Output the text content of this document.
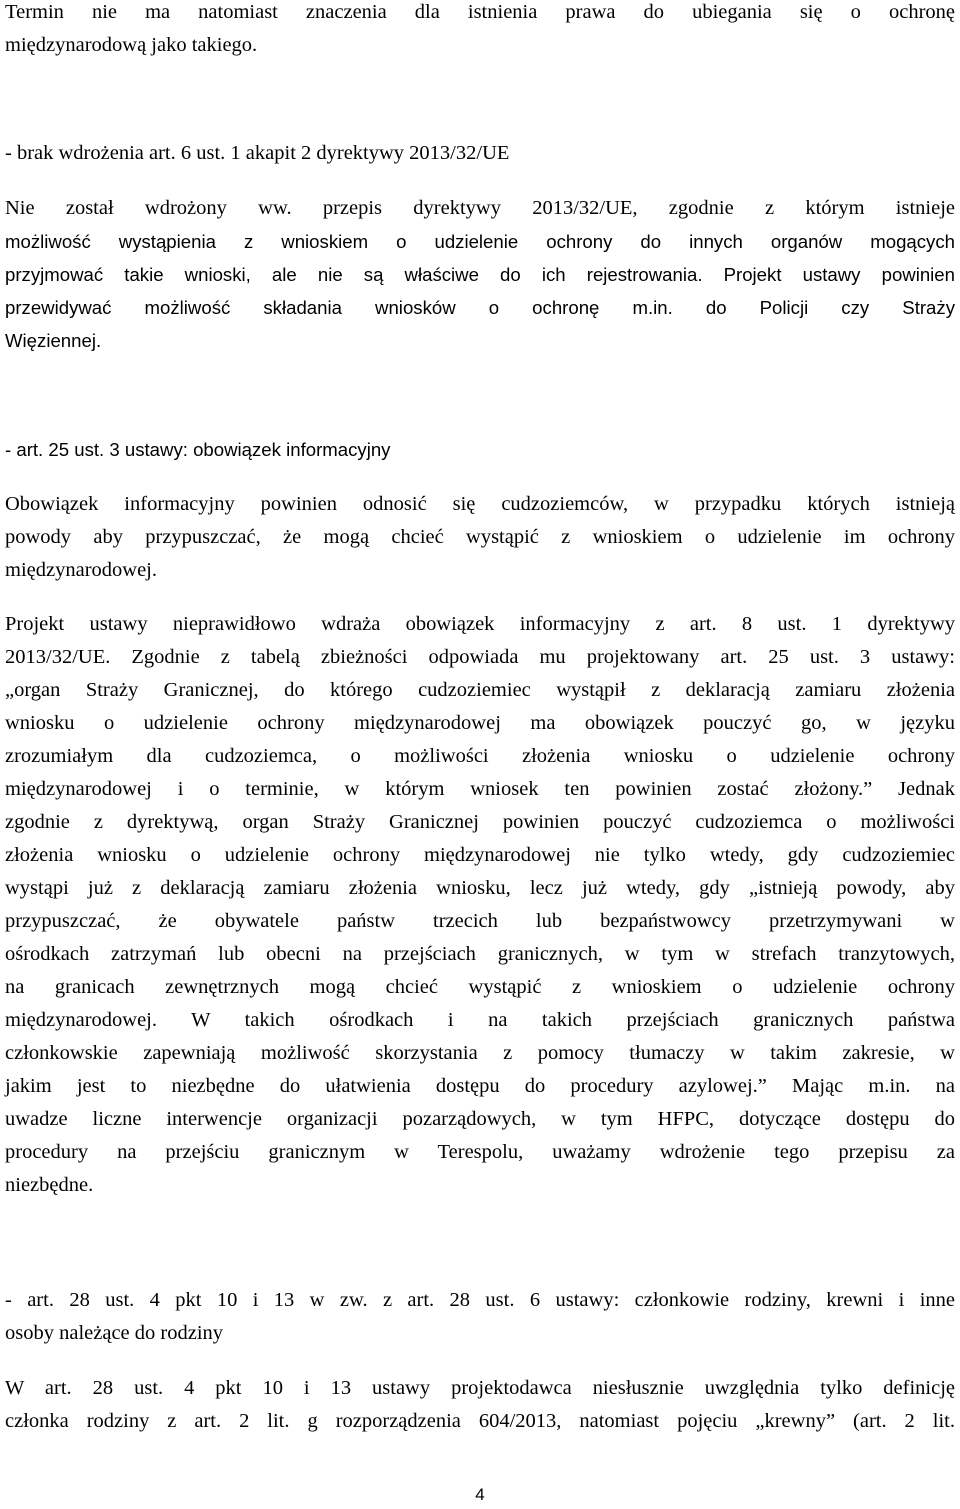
Termin nie ma natomiast znaczenia dla istnienia prawa do ubiegania się o ochronę
międzynarodową jako takiego.
- brak wdrożenia art. 6 ust. 1 akapit 2 dyrektywy 2013/32/UE
Nie został wdrożony ww. przepis dyrektywy 2013/32/UE, zgodnie z którym istnieje
możliwość wystąpienia z wnioskiem o udzielenie ochrony do innych organów mogących
przyjmować takie wnioski, ale nie są właściwe do ich rejestrowania. Projekt ustawy powinien
przewidywać możliwość składania wniosków o ochronę m.in. do Policji czy Straży
Więziennej.
- art. 25 ust. 3 ustawy: obowiązek informacyjny
Obowiązek informacyjny powinien odnosić się cudzoziemców, w przypadku których istnieją
powody aby przypuszczać, że mogą chcieć wystąpić z wnioskiem o udzielenie im ochrony
międzynarodowej.
Projekt ustawy nieprawidłowo wdraża obowiązek informacyjny z art. 8 ust. 1 dyrektywy
2013/32/UE. Zgodnie z tabelą zbieżności odpowiada mu projektowany art. 25 ust. 3 ustawy:
„organ Straży Granicznej, do którego cudzoziemiec wystąpił z deklaracją zamiaru złożenia
wniosku o udzielenie ochrony międzynarodowej ma obowiązek pouczyć go, w języku
zrozumiałym dla cudzoziemca, o możliwości złożenia wniosku o udzielenie ochrony
międzynarodowej i o terminie, w którym wniosek ten powinien zostać złożony.” Jednak
zgodnie z dyrektywą, organ Straży Granicznej powinien pouczyć cudzoziemca o możliwości
złożenia wniosku o udzielenie ochrony międzynarodowej nie tylko wtedy, gdy cudzoziemiec
wystąpi już z deklaracją zamiaru złożenia wniosku, lecz już wtedy, gdy „istnieją powody, aby
przypuszczać, że obywatele państw trzecich lub bezpaństwowcy przetrzymywani w
ośrodkach zatrzymań lub obecni na przejściach granicznych, w tym w strefach tranzytowych,
na granicach zewnętrznych mogą chcieć wystąpić z wnioskiem o udzielenie ochrony
międzynarodowej. W takich ośrodkach i na takich przejściach granicznych państwa
członkowskie zapewniają możliwość skorzystania z pomocy tłumaczy w takim zakresie, w
jakim jest to niezbędne do ułatwienia dostępu do procedury azylowej.” Mając m.in. na
uwadze liczne interwencje organizacji pozarządowych, w tym HFPC, dotyczące dostępu do
procedury na przejściu granicznym w Terespolu, uważamy wdrożenie tego przepisu za
niezbędne.
- art. 28 ust. 4 pkt 10 i 13 w zw. z art. 28 ust. 6 ustawy: członkowie rodziny, krewni i inne
osoby należące do rodziny
W art. 28 ust. 4 pkt 10 i 13 ustawy projektodawca niesłusznie uwzględnia tylko definicję
członka rodziny z art. 2 lit. g rozporządzenia 604/2013, natomiast pojęciu „krewny” (art. 2 lit.
4
